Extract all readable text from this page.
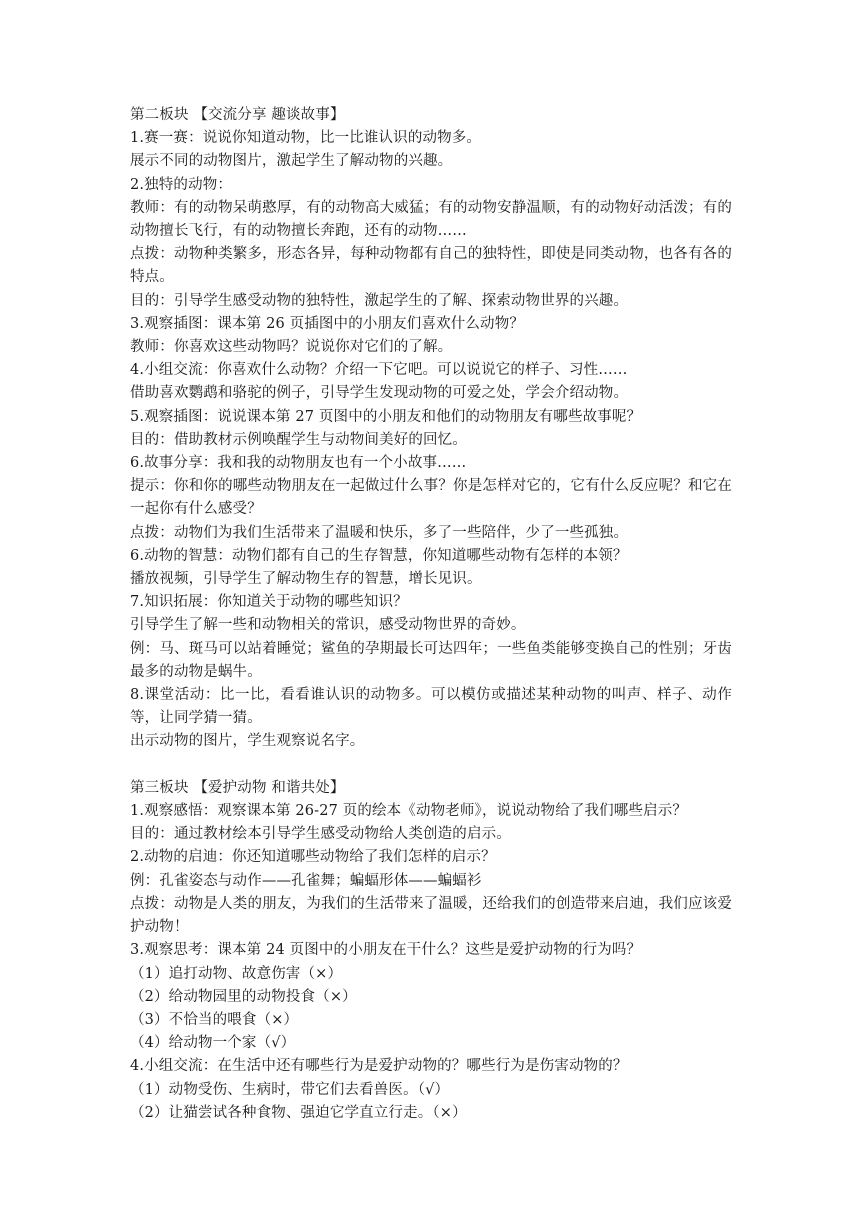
第二板块 【交流分享 趣谈故事】
1.赛一赛：说说你知道动物，比一比谁认识的动物多。
展示不同的动物图片，激起学生了解动物的兴趣。
2.独特的动物：
教师：有的动物呆萌憨厚，有的动物高大威猛；有的动物安静温顺，有的动物好动活泼；有的动物擅长飞行，有的动物擅长奔跑，还有的动物……
点拨：动物种类繁多，形态各异，每种动物都有自己的独特性，即使是同类动物，也各有各的特点。
目的：引导学生感受动物的独特性，激起学生的了解、探索动物世界的兴趣。
3.观察插图：课本第 26 页插图中的小朋友们喜欢什么动物？
教师：你喜欢这些动物吗？说说你对它们的了解。
4.小组交流：你喜欢什么动物？介绍一下它吧。可以说说它的样子、习性……
借助喜欢鹦鹉和骆驼的例子，引导学生发现动物的可爱之处，学会介绍动物。
5.观察插图：说说课本第 27 页图中的小朋友和他们的动物朋友有哪些故事呢？
目的：借助教材示例唤醒学生与动物间美好的回忆。
6.故事分享：我和我的动物朋友也有一个小故事……
提示：你和你的哪些动物朋友在一起做过什么事？你是怎样对它的，它有什么反应呢？和它在一起你有什么感受？
点拨：动物们为我们生活带来了温暖和快乐，多了一些陪伴，少了一些孤独。
6.动物的智慧：动物们都有自己的生存智慧，你知道哪些动物有怎样的本领？
播放视频，引导学生了解动物生存的智慧，增长见识。
7.知识拓展：你知道关于动物的哪些知识？
引导学生了解一些和动物相关的常识，感受动物世界的奇妙。
例：马、斑马可以站着睡觉；鲨鱼的孕期最长可达四年；一些鱼类能够变换自己的性别；牙齿最多的动物是蜗牛。
8.课堂活动：比一比，看看谁认识的动物多。可以模仿或描述某种动物的叫声、样子、动作等，让同学猜一猜。
出示动物的图片，学生观察说名字。
第三板块 【爱护动物 和谐共处】
1.观察感悟：观察课本第 26-27 页的绘本《动物老师》，说说动物给了我们哪些启示？
目的：通过教材绘本引导学生感受动物给人类创造的启示。
2.动物的启迪：你还知道哪些动物给了我们怎样的启示？
例：孔雀姿态与动作——孔雀舞；蝙蝠形体——蝙蝠衫
点拨：动物是人类的朋友，为我们的生活带来了温暖，还给我们的创造带来启迪，我们应该爱护动物！
3.观察思考：课本第 24 页图中的小朋友在干什么？这些是爱护动物的行为吗？
（1）追打动物、故意伤害（×）
（2）给动物园里的动物投食（×）
（3）不恰当的喂食（×）
（4）给动物一个家（√）
4.小组交流：在生活中还有哪些行为是爱护动物的？哪些行为是伤害动物的？
（1）动物受伤、生病时，带它们去看兽医。（√）
（2）让猫尝试各种食物、强迫它学直立行走。（×）
